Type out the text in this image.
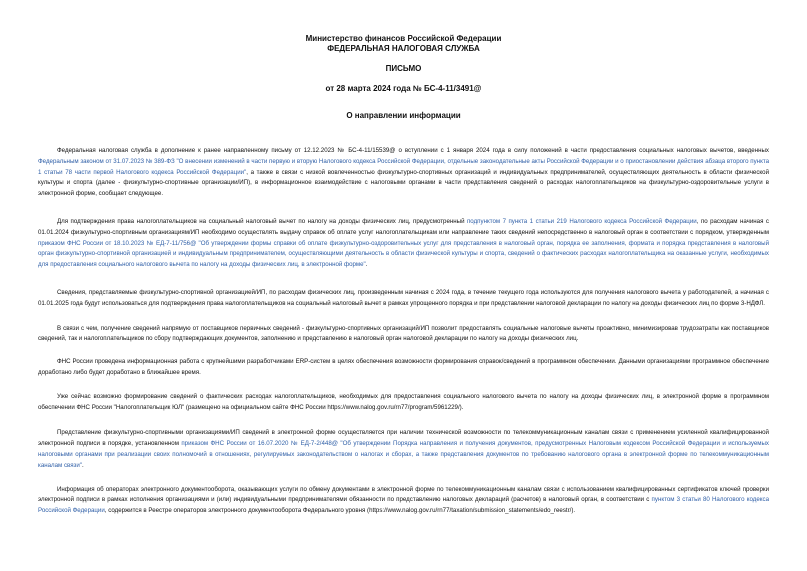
Министерство финансов Российской Федерации
ФЕДЕРАЛЬНАЯ НАЛОГОВАЯ СЛУЖБА
ПИСЬМО
от 28 марта 2024 года № БС-4-11/3491@
О направлении информации
Федеральная налоговая служба в дополнение к ранее направленному письму от 12.12.2023 № БС-4-11/15539@ о вступлении с 1 января 2024 года в силу положений в части предоставления социальных налоговых вычетов, введенных Федеральным законом от 31.07.2023 № 389-ФЗ "О внесении изменений в части первую и вторую Налогового кодекса Российской Федерации, отдельные законодательные акты Российской Федерации и о приостановлении действия абзаца второго пункта 1 статьи 78 части первой Налогового кодекса Российской Федерации", а также в связи с низкой вовлеченностью физкультурно-спортивных организаций и индивидуальных предпринимателей, осуществляющих деятельность в области физической культуры и спорта (далее - физкультурно-спортивные организации/ИП), в информационное взаимодействие с налоговыми органами в части представления сведений о расходах налогоплательщиков на физкультурно-оздоровительные услуги в электронной форме, сообщает следующее.
Для подтверждения права налогоплательщиков на социальный налоговый вычет по налогу на доходы физических лиц, предусмотренный подпунктом 7 пункта 1 статьи 219 Налогового кодекса Российской Федерации, по расходам начиная с 01.01.2024 физкультурно-спортивным организациям/ИП необходимо осуществлять выдачу справок об оплате услуг налогоплательщикам или направление таких сведений непосредственно в налоговый орган в соответствии с порядком, утвержденным приказом ФНС России от 18.10.2023 № ЕД-7-11/756@ "Об утверждении формы справки об оплате физкультурно-оздоровительных услуг для представления в налоговый орган, порядка ее заполнения, формата и порядка представления в налоговый орган физкультурно-спортивной организацией и индивидуальным предпринимателем, осуществляющими деятельность в области физической культуры и спорта, сведений о фактических расходах налогоплательщика на оказанные услуги, необходимых для предоставления социального налогового вычета по налогу на доходы физических лиц, в электронной форме".
Сведения, представляемые физкультурно-спортивной организацией/ИП, по расходам физических лиц, произведенным начиная с 2024 года, в течение текущего года используются для получения налогового вычета у работодателей, а начиная с 01.01.2025 года будут использоваться для подтверждения права налогоплательщиков на социальный налоговый вычет в рамках упрощенного порядка и при представлении налоговой декларации по налогу на доходы физических лиц по форме 3-НДФЛ.
В связи с чем, получение сведений напрямую от поставщиков первичных сведений - физкультурно-спортивных организаций/ИП позволит предоставлять социальные налоговые вычеты проактивно, минимизировав трудозатраты как поставщиков сведений, так и налогоплательщиков по сбору подтверждающих документов, заполнению и представлению в налоговый орган налоговой декларации по налогу на доходы физических лиц.
ФНС России проведена информационная работа с крупнейшими разработчиками ERP-систем в целях обеспечения возможности формирования справок/сведений в программном обеспечении. Данными организациями программное обеспечение доработано либо будет доработано в ближайшее время.
Уже сейчас возможно формирование сведений о фактических расходах налогоплательщиков, необходимых для предоставления социального налогового вычета по налогу на доходы физических лиц, в электронной форме в программном обеспечении ФНС России "Налогоплательщик ЮЛ" (размещено на официальном сайте ФНС России https://www.nalog.gov.ru/rn77/program/5961229/).
Представление физкультурно-спортивными организациями/ИП сведений в электронной форме осуществляется при наличии технической возможности по телекоммуникационным каналам связи с применением усиленной квалифицированной электронной подписи в порядке, установленном приказом ФНС России от 16.07.2020 № ЕД-7-2/448@ "Об утверждении Порядка направления и получения документов, предусмотренных Налоговым кодексом Российской Федерации и используемых налоговыми органами при реализации своих полномочий в отношениях, регулируемых законодательством о налогах и сборах, а также представления документов по требованию налогового органа в электронной форме по телекоммуникационным каналам связи".
Информация об операторах электронного документооборота, оказывающих услуги по обмену документами в электронной форме по телекоммуникационным каналам связи с использованием квалифицированных сертификатов ключей проверки электронной подписи в рамках исполнения организациями и (или) индивидуальными предпринимателями обязанности по представлению налоговых деклараций (расчетов) в налоговый орган, в соответствии с пунктом 3 статьи 80 Налогового кодекса Российской Федерации, содержится в Реестре операторов электронного документооборота Федерального уровня (https://www.nalog.gov.ru/rn77/taxation/submission_statements/edo_reestr/).
